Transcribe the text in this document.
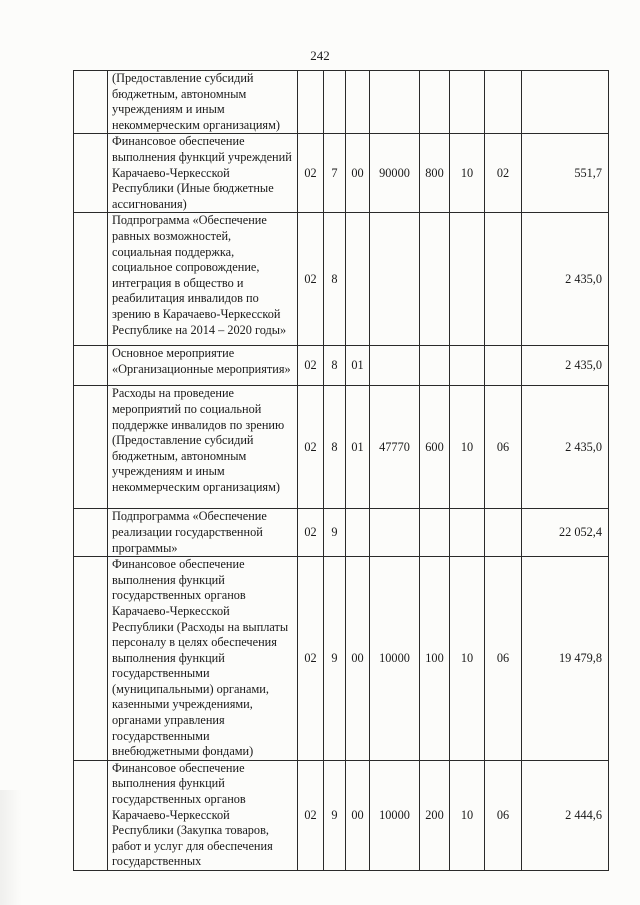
242
	(Предоставление субсидий бюджетным, автономным учреждениям и иным некоммерческим организациям)								
	Финансовое обеспечение выполнения функций учреждений Карачаево-Черкесской Республики (Иные бюджетные ассигнования)	02	7	00	90000	800	10	02	551,7
	Подпрограмма «Обеспечение равных возможностей, социальная поддержка, социальное сопровождение, интеграция в общество и реабилитация инвалидов по зрению в Карачаево-Черкесской Республике на 2014 – 2020 годы»	02	8						2 435,0
	Основное мероприятие «Организационные мероприятия»	02	8	01					2 435,0
	Расходы на проведение мероприятий по социальной поддержке инвалидов по зрению (Предоставление субсидий бюджетным, автономным учреждениям и иным некоммерческим организациям)	02	8	01	47770	600	10	06	2 435,0
	Подпрограмма «Обеспечение реализации государственной программы»	02	9						22 052,4
	Финансовое обеспечение выполнения функций государственных органов Карачаево-Черкесской Республики (Расходы на выплаты персоналу в целях обеспечения выполнения функций государственными (муниципальными) органами, казенными учреждениями, органами управления государственными внебюджетными фондами)	02	9	00	10000	100	10	06	19 479,8
	Финансовое обеспечение выполнения функций государственных органов Карачаево-Черкесской Республики (Закупка товаров, работ и услуг для обеспечения государственных	02	9	00	10000	200	10	06	2 444,6
